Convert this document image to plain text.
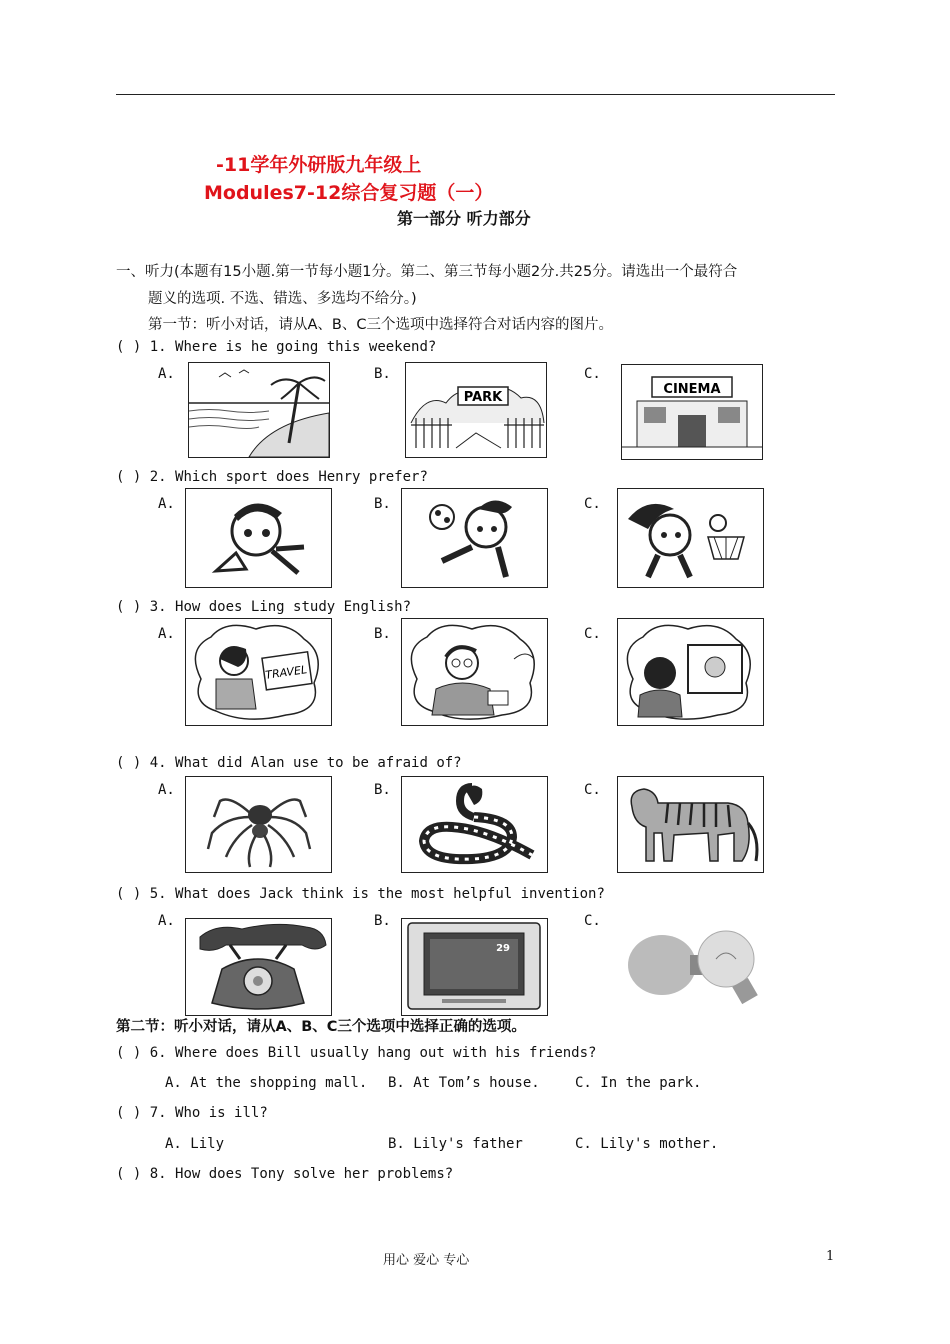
-11学年外研版九年级上
Modules7-12综合复习题（一）
第一部分 听力部分
一、听力(本题有15小题.第一节每小题1分。第二、第三节每小题2分.共25分。请选出一个最符合
题义的选项. 不选、错选、多选均不给分。)
第一节：听小对话，请从A、B、C三个选项中选择符合对话内容的图片。
( ) 1. Where is he going this weekend?
A.	B.	C.
PARK
CINEMA
( ) 2. Which sport does Henry prefer?
A.	B.	C.
( ) 3. How does Ling study English?
A.	B.	C.
TRAVEL
( ) 4. What did Alan use to be afraid of?
A.	B.	C.
( ) 5. What does Jack think is the most helpful invention?
A.	B.	C.
29
第二节：听小对话，请从A、B、C三个选项中选择正确的选项。
( ) 6. Where does Bill usually hang out with his friends?
A. At the shopping mall. B. At Tom’s house.	C. In the park.
( ) 7. Who is ill?
A. Lily	B. Lily's father	C. Lily's mother.
( ) 8. How does Tony solve her problems?
用心 爱心 专心	1
